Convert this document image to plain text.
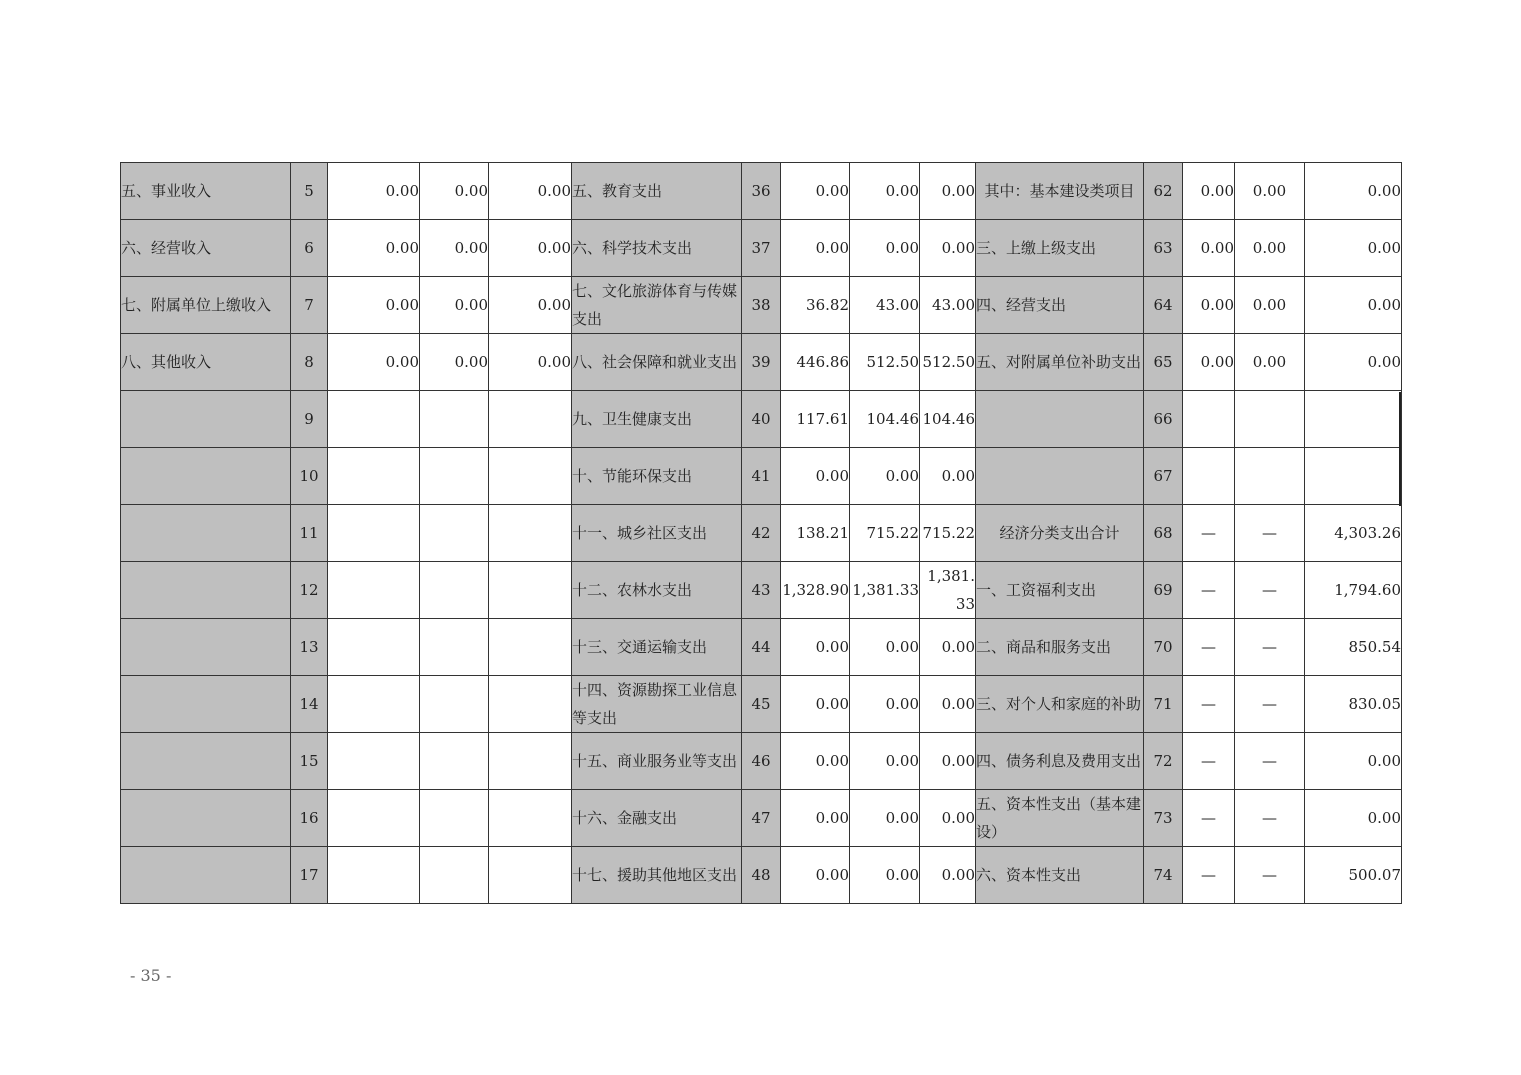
五、事业收入	5	0.00	0.00	0.00	五、教育支出	36	0.00	0.00	0.00	其中：基本建设类项目	62	0.00	0.00	0.00
六、经营收入	6	0.00	0.00	0.00	六、科学技术支出	37	0.00	0.00	0.00	三、上缴上级支出	63	0.00	0.00	0.00
七、附属单位上缴收入	7	0.00	0.00	0.00	七、文化旅游体育与传媒支出	38	36.82	43.00	43.00	四、经营支出	64	0.00	0.00	0.00
八、其他收入	8	0.00	0.00	0.00	八、社会保障和就业支出	39	446.86	512.50	512.50	五、对附属单位补助支出	65	0.00	0.00	0.00
	9				九、卫生健康支出	40	117.61	104.46	104.46		66			
	10				十、节能环保支出	41	0.00	0.00	0.00		67			
	11				十一、城乡社区支出	42	138.21	715.22	715.22	经济分类支出合计	68	—	—	4,303.26
	12				十二、农林水支出	43	1,328.90	1,381.33	1,381.33	一、工资福利支出	69	—	—	1,794.60
	13				十三、交通运输支出	44	0.00	0.00	0.00	二、商品和服务支出	70	—	—	850.54
	14				十四、资源勘探工业信息等支出	45	0.00	0.00	0.00	三、对个人和家庭的补助	71	—	—	830.05
	15				十五、商业服务业等支出	46	0.00	0.00	0.00	四、债务利息及费用支出	72	—	—	0.00
	16				十六、金融支出	47	0.00	0.00	0.00	五、资本性支出（基本建设）	73	—	—	0.00
	17				十七、援助其他地区支出	48	0.00	0.00	0.00	六、资本性支出	74	—	—	500.07
- 35 -
